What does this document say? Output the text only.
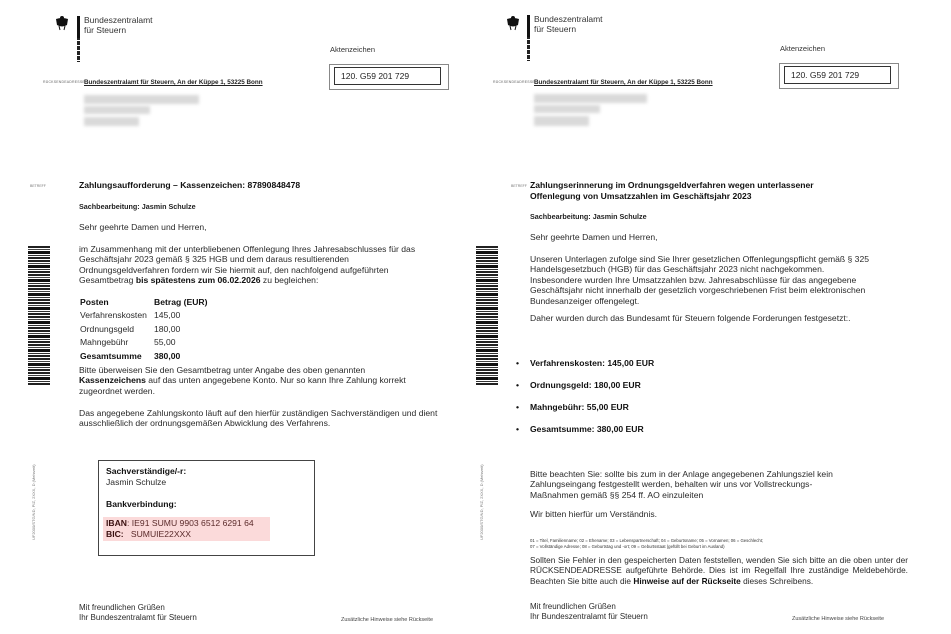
Bundeszentralamt
für Steuern
Aktenzeichen
120. G59 201 729
RÜCKSENDEADRESSE Bundeszentralamt für Steuern, An der Küppe 1, 53225 Bonn
BETREFF	Zahlungsaufforderung – Kassenzeichen: 87890848478
Sachbearbeitung: Jasmin Schulze
Sehr geehrte Damen und Herren,
im Zusammenhang mit der unterbliebenen Offenlegung Ihres Jahresabschlusses für das Geschäftsjahr 2023 gemäß § 325 HGB und dem daraus resultierenden Ordnungsgeldverfahren fordern wir Sie hiermit auf, den nachfolgend aufgeführten Gesamtbetrag bis spätestens zum 06.02.2026 zu begleichen:
Posten	Betrag (EUR)
Verfahrenskosten	145,00
Ordnungsgeld	180,00
Mahngebühr	55,00
Gesamtsumme	380,00
Bitte überweisen Sie den Gesamtbetrag unter Angabe des oben genannten Kassenzeichens auf das unten angegebene Konto. Nur so kann Ihre Zahlung korrekt zugeordnet werden.
Das angegebene Zahlungskonto läuft auf den hierfür zuständigen Sachverständigen und dient ausschließlich der ordnungsgemäßen Abwicklung des Verfahrens.
UF2000/STG/ND, PIZ, 2XXX, D (Mehrzeit)	Sachverständige/-r:
Jasmin Schulze
Bankverbindung:
IBAN: IE91 SUMU 9903 6512 6291 64
BIC: SUMUIE22XXX
Mit freundlichen Grüßen
Ihr Bundeszentralamt für Steuern	Zusätzliche Hinweise siehe Rückseite
Bundeszentralamt
für Steuern
Aktenzeichen
120. G59 201 729
RÜCKSENDEADRESSE Bundeszentralamt für Steuern, An der Küppe 1, 53225 Bonn
BETREFF Zahlungserinnerung im Ordnungsgeldverfahren wegen unterlassener
Offenlegung von Umsatzzahlen im Geschäftsjahr 2023
Sachbearbeitung: Jasmin Schulze
Sehr geehrte Damen und Herren,
Unseren Unterlagen zufolge sind Sie Ihrer gesetzlichen Offenlegungspflicht gemäß § 325 Handelsgesetzbuch (HGB) für das Geschäftsjahr 2023 nicht nachgekommen. Insbesondere wurden Ihre Umsatzzahlen bzw. Jahresabschlüsse für das angegebene Geschäftsjahr nicht innerhalb der gesetzlich vorgeschriebenen Frist beim elektronischen Bundesanzeiger offengelegt.
Daher wurden durch das Bundesamt für Steuern folgende Forderungen festgesetzt:.
• Verfahrenskosten: 145,00 EUR
• Ordnungsgeld: 180,00 EUR
• Mahngebühr: 55,00 EUR
• Gesamtsumme: 380,00 EUR
Bitte beachten Sie: sollte bis zum in der Anlage angegebenen Zahlungsziel kein Zahlungseingang festgestellt werden, behalten wir uns vor Vollstreckungs-Maßnahmen gemäß §§ 254 ff. AO einzuleiten
Wir bitten hierfür um Verständnis.
UF2000/STG/ND, PIZ, 2XXX, D (Mehrzeit)
01 = Titel, Familienname; 02 = Ehename; 03 = Lebenspartnerschaft; 04 = Geburtsname; 05 = Vornamen; 06 = Geschlecht;
07 = Vollständige Adresse; 08 = Geburtstag und -ort; 09 = Geburtsstaat (gefüllt bei Geburt im Ausland)
Sollten Sie Fehler in den gespeicherten Daten feststellen, wenden Sie sich bitte an die oben unter der RÜCKSENDEADRESSE aufgeführte Behörde. Dies ist im Regelfall Ihre zuständige Meldebehörde. Beachten Sie bitte auch die Hinweise auf der Rückseite dieses Schreibens.
Mit freundlichen Grüßen
Ihr Bundeszentralamt für Steuern	Zusätzliche Hinweise siehe Rückseite
